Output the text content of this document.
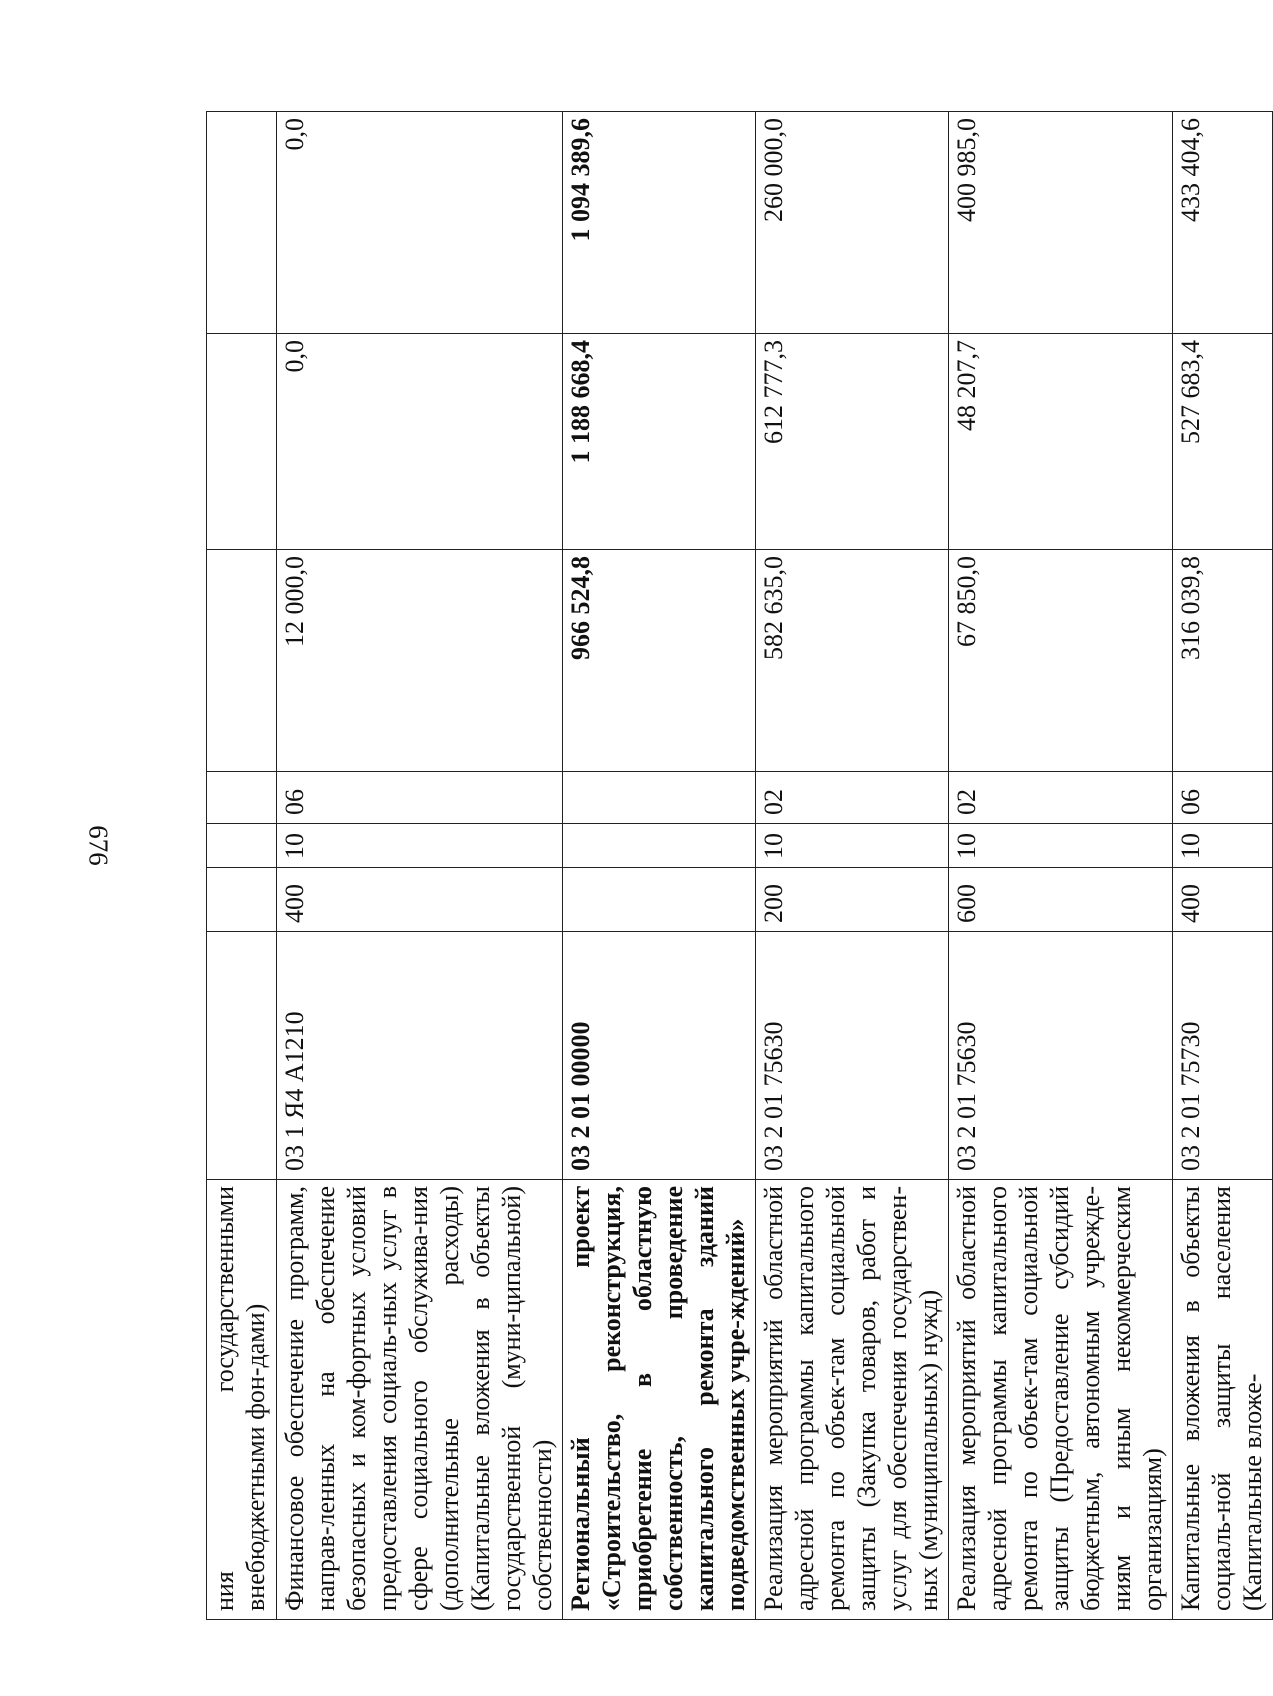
676
ния государственными внебюджетными фон-дами)							
Финансовое обеспечение программ, направ-ленных на обеспечение безопасных и ком-фортных условий предоставления социаль-ных услуг в сфере социального обслужива-ния (дополнительные расходы) (Капитальные вложения в объекты государственной (муни-ципальной) собственности)	03 1 Я4 А1210	400	10	06	12 000,0	0,0	0,0
Региональный проект «Строительство, реконструкция, приобретение в областную собственность, проведение капитального ремонта зданий подведомственных учре-ждений»	03 2 01 00000				966 524,8	1 188 668,4	1 094 389,6
Реализация мероприятий областной адресной программы капитального ремонта по объек-там социальной защиты (Закупка товаров, работ и услуг для обеспечения государствен-ных (муниципальных) нужд)	03 2 01 75630	200	10	02	582 635,0	612 777,3	260 000,0
Реализация мероприятий областной адресной программы капитального ремонта по объек-там социальной защиты (Предоставление субсидий бюджетным, автономным учрежде-ниям и иным некоммерческим организациям)	03 2 01 75630	600	10	02	67 850,0	48 207,7	400 985,0
Капитальные вложения в объекты социаль-ной защиты населения (Капитальные вложе-	03 2 01 75730	400	10	06	316 039,8	527 683,4	433 404,6
